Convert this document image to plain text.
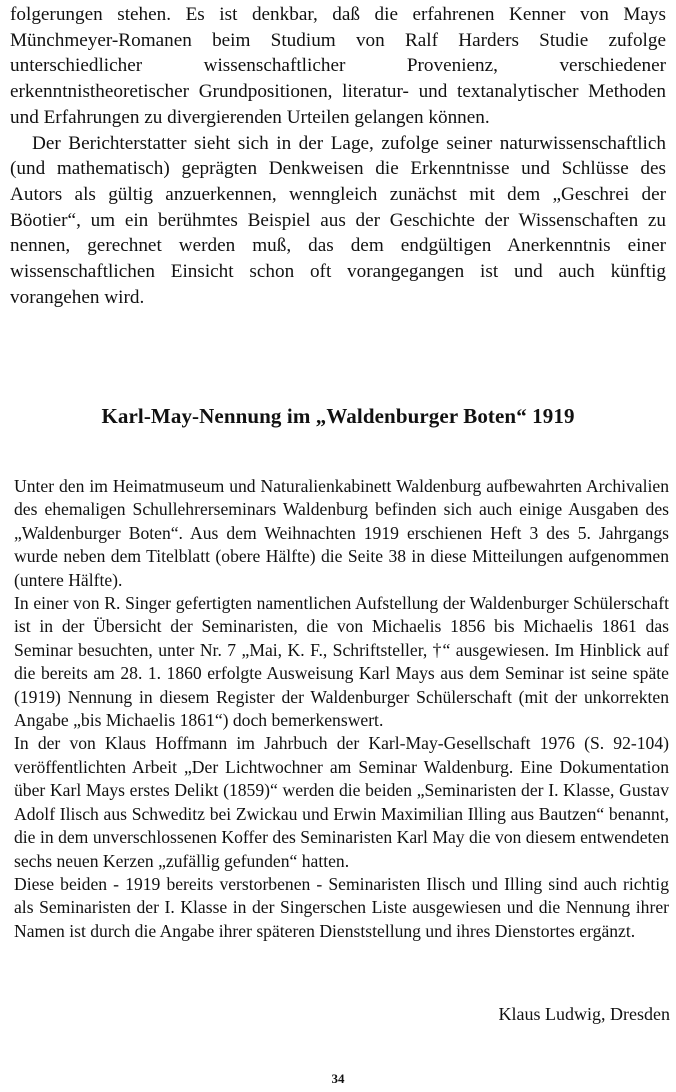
folgerungen stehen. Es ist denkbar, daß die erfahrenen Kenner von Mays Münchmeyer-Romanen beim Studium von Ralf Harders Studie zufolge unterschiedlicher wissenschaftlicher Provenienz, verschiedener erkenntnistheoretischer Grundpositionen, literatur- und textanalytischer Methoden und Erfahrungen zu divergierenden Urteilen gelangen können.

Der Berichterstatter sieht sich in der Lage, zufolge seiner naturwissenschaftlich (und mathematisch) geprägten Denkweisen die Erkenntnisse und Schlüsse des Autors als gültig anzuerkennen, wenngleich zunächst mit dem „Geschrei der Böotier“, um ein berühmtes Beispiel aus der Geschichte der Wissenschaften zu nennen, gerechnet werden muß, das dem endgültigen Anerkenntnis einer wissenschaftlichen Einsicht schon oft vorangegangen ist und auch künftig vorangehen wird.

Karl-May-Nennung im „Waldenburger Boten“ 1919

Unter den im Heimatmuseum und Naturalienkabinett Waldenburg aufbewahrten Archivalien des ehemaligen Schullehrerseminars Waldenburg befinden sich auch einige Ausgaben des „Waldenburger Boten“. Aus dem Weihnachten 1919 erschienen Heft 3 des 5. Jahrgangs wurde neben dem Titelblatt (obere Hälfte) die Seite 38 in diese Mitteilungen aufgenommen (untere Hälfte).

In einer von R. Singer gefertigten namentlichen Aufstellung der Waldenburger Schülerschaft ist in der Übersicht der Seminaristen, die von Michaelis 1856 bis Michaelis 1861 das Seminar besuchten, unter Nr. 7 „Mai, K. F., Schriftsteller, †“ ausgewiesen. Im Hinblick auf die bereits am 28. 1. 1860 erfolgte Ausweisung Karl Mays aus dem Seminar ist seine späte (1919) Nennung in diesem Register der Waldenburger Schülerschaft (mit der unkorrekten Angabe „bis Michaelis 1861“) doch bemerkenswert.

In der von Klaus Hoffmann im Jahrbuch der Karl-May-Gesellschaft 1976 (S. 92-104) veröffentlichten Arbeit „Der Lichtwochner am Seminar Waldenburg. Eine Dokumentation über Karl Mays erstes Delikt (1859)“ werden die beiden „Seminaristen der I. Klasse, Gustav Adolf Ilisch aus Schweditz bei Zwickau und Erwin Maximilian Illing aus Bautzen“ benannt, die in dem unverschlossenen Koffer des Seminaristen Karl May die von diesem entwendeten sechs neuen Kerzen „zufällig gefunden“ hatten.

Diese beiden - 1919 bereits verstorbenen - Seminaristen Ilisch und Illing sind auch richtig als Seminaristen der I. Klasse in der Singerschen Liste ausgewiesen und die Nennung ihrer Namen ist durch die Angabe ihrer späteren Dienststellung und ihres Dienstortes ergänzt.

Klaus Ludwig, Dresden
34
